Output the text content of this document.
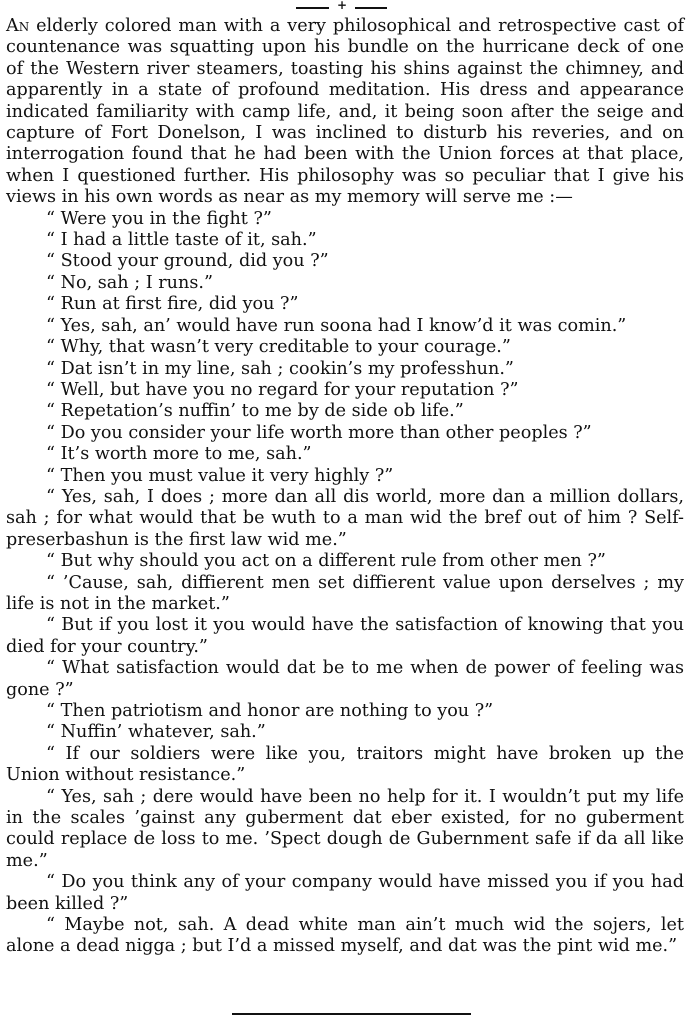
+

An elderly colored man with a very philosophical and retrospective cast of countenance was squatting upon his bundle on the hurricane deck of one of the Western river steamers, toasting his shins against the chimney, and apparently in a state of profound meditation. His dress and appearance indicated familiarity with camp life, and, it being soon after the seige and capture of Fort Donelson, I was inclined to disturb his reveries, and on interrogation found that he had been with the Union forces at that place, when I questioned further. His philosophy was so peculiar that I give his views in his own words as near as my memory will serve me :—

“ Were you in the fight ?”

“ I had a little taste of it, sah.”

“ Stood your ground, did you ?”

“ No, sah ; I runs.”

“ Run at first fire, did you ?”

“ Yes, sah, an’ would have run soona had I know’d it was comin.”

“ Why, that wasn’t very creditable to your courage.”

“ Dat isn’t in my line, sah ; cookin’s my professhun.”

“ Well, but have you no regard for your reputation ?”

“ Repetation’s nuffin’ to me by de side ob life.”

“ Do you consider your life worth more than other peoples ?”

“ It’s worth more to me, sah.”

“ Then you must value it very highly ?”

“ Yes, sah, I does ; more dan all dis world, more dan a million dollars, sah ; for what would that be wuth to a man wid the bref out of him ? Self-preserbashun is the first law wid me.”

“ But why should you act on a different rule from other men ?”

“ ’Cause, sah, diffierent men set diffierent value upon derselves ; my life is not in the market.”

“ But if you lost it you would have the satisfaction of knowing that you died for your country.”

“ What satisfaction would dat be to me when de power of feeling was gone ?”

“ Then patriotism and honor are nothing to you ?”

“ Nuffin’ whatever, sah.”

“ If our soldiers were like you, traitors might have broken up the Union without resistance.”

“ Yes, sah ; dere would have been no help for it. I wouldn’t put my life in the scales ’gainst any guberment dat eber existed, for no guberment could replace de loss to me. ’Spect dough de Gubernment safe if da all like me.”

“ Do you think any of your company would have missed you if you had been killed ?”

“ Maybe not, sah. A dead white man ain’t much wid the sojers, let alone a dead nigga ; but I’d a missed myself, and dat was the pint wid me.”
